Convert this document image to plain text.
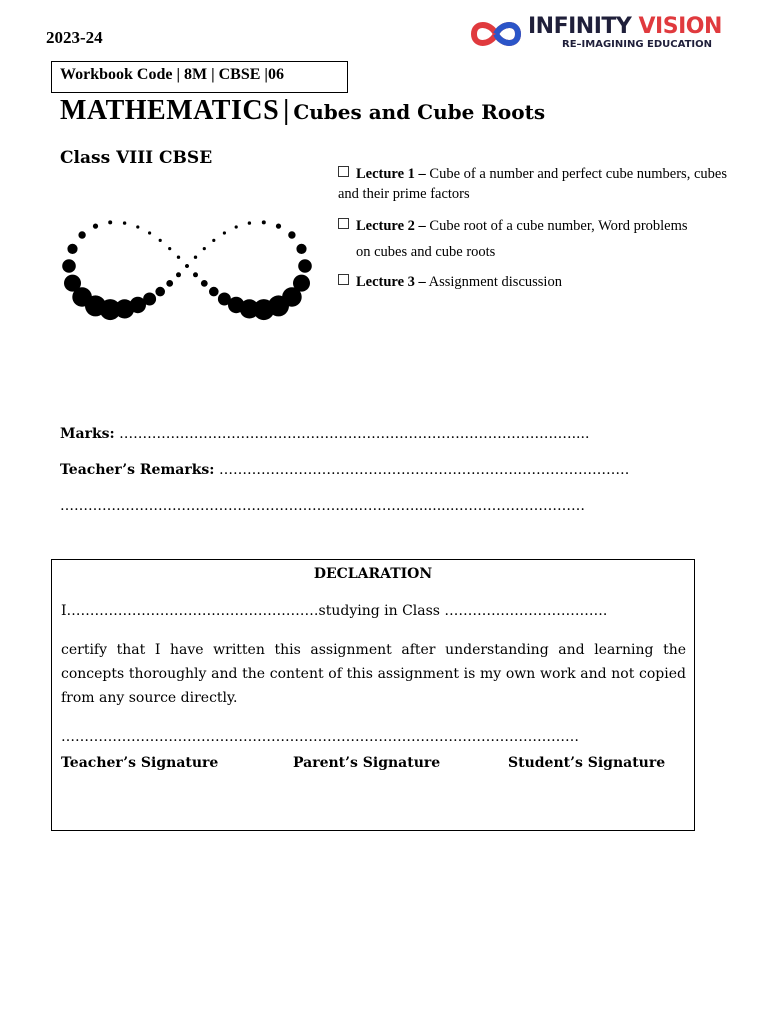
2023-24	INFINITY VISION
RE–IMAGINING EDUCATION
Workbook Code | 8M | CBSE |06
MATHEMATICS | Cubes and Cube Roots
Class VIII CBSE
Lecture 1 – Cube of a number and perfect cube numbers, cubes and their prime factors
Lecture 2 – Cube root of a cube number, Word problems
on cubes and cube roots
Lecture 3 – Assignment discussion
Marks: ………………………………………………………………………………….…....
Teacher’s Remarks: ……………………………………………………….……………………
……………………………………………………….…………..........………………………
DECLARATION
I………………………………………………studying in Class ………….………………….
certify that I have written this assignment after understanding and learning the concepts thoroughly and the content of this assignment is my own work and not copied from any source directly.
…………………………………………………………………………………………………
Teacher’s Signature	Parent’s Signature	Student’s Signature
